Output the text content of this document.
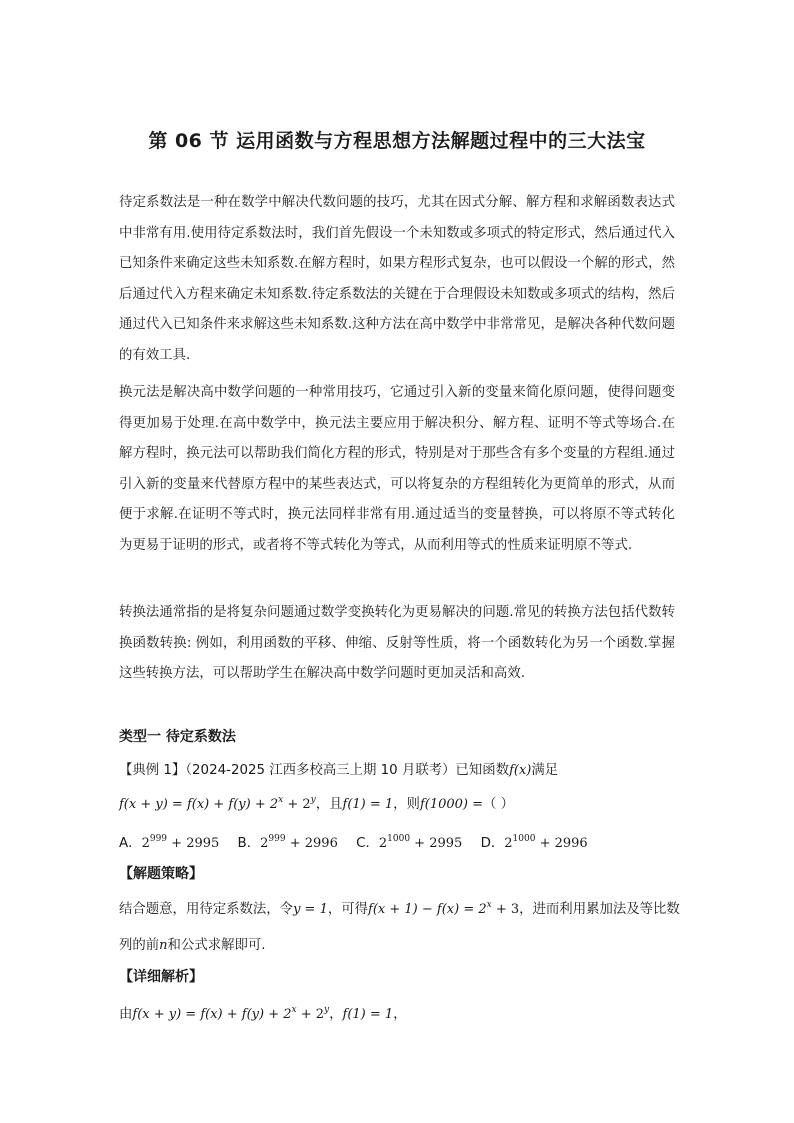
第 06 节 运用函数与方程思想方法解题过程中的三大法宝

待定系数法是一种在数学中解决代数问题的技巧，尤其在因式分解、解方程和求解函数表达式中非常有用.使用待定系数法时，我们首先假设一个未知数或多项式的特定形式，然后通过代入已知条件来确定这些未知系数.在解方程时，如果方程形式复杂，也可以假设一个解的形式，然后通过代入方程来确定未知系数.待定系数法的关键在于合理假设未知数或多项式的结构，然后通过代入已知条件来求解这些未知系数.这种方法在高中数学中非常常见，是解决各种代数问题的有效工具.

换元法是解决高中数学问题的一种常用技巧，它通过引入新的变量来简化原问题，使得问题变得更加易于处理.在高中数学中，换元法主要应用于解决积分、解方程、证明不等式等场合.在解方程时，换元法可以帮助我们简化方程的形式，特别是对于那些含有多个变量的方程组.通过引入新的变量来代替原方程中的某些表达式，可以将复杂的方程组转化为更简单的形式，从而便于求解.在证明不等式时，换元法同样非常有用.通过适当的变量替换，可以将原不等式转化为更易于证明的形式，或者将不等式转化为等式，从而利用等式的性质来证明原不等式.

转换法通常指的是将复杂问题通过数学变换转化为更易解决的问题.常见的转换方法包括代数转换函数转换: 例如，利用函数的平移、伸缩、反射等性质，将一个函数转化为另一个函数.掌握这些转换方法，可以帮助学生在解决高中数学问题时更加灵活和高效.

类型一 待定系数法
【典例 1】（2024-2025 江西多校高三上期 10 月联考）已知函数f(x)满足
$f(x + y) = f(x) + f(y) + 2^x + 2^y$，且f(1) = 1，则f(1000) =（ ）
A．$2^{999} + 2995$ B．$2^{999} + 2996$ C．$2^{1000} + 2995$ D．$2^{1000} + 2996$
【解题策略】
结合题意，用待定系数法，令y = 1，可得$f(x + 1) - f(x) = 2^x + 3$，进而利用累加法及等比数
列的前n和公式求解即可.
【详细解析】
由$f(x + y) = f(x) + f(y) + 2^x + 2^y$，f(1) = 1，
